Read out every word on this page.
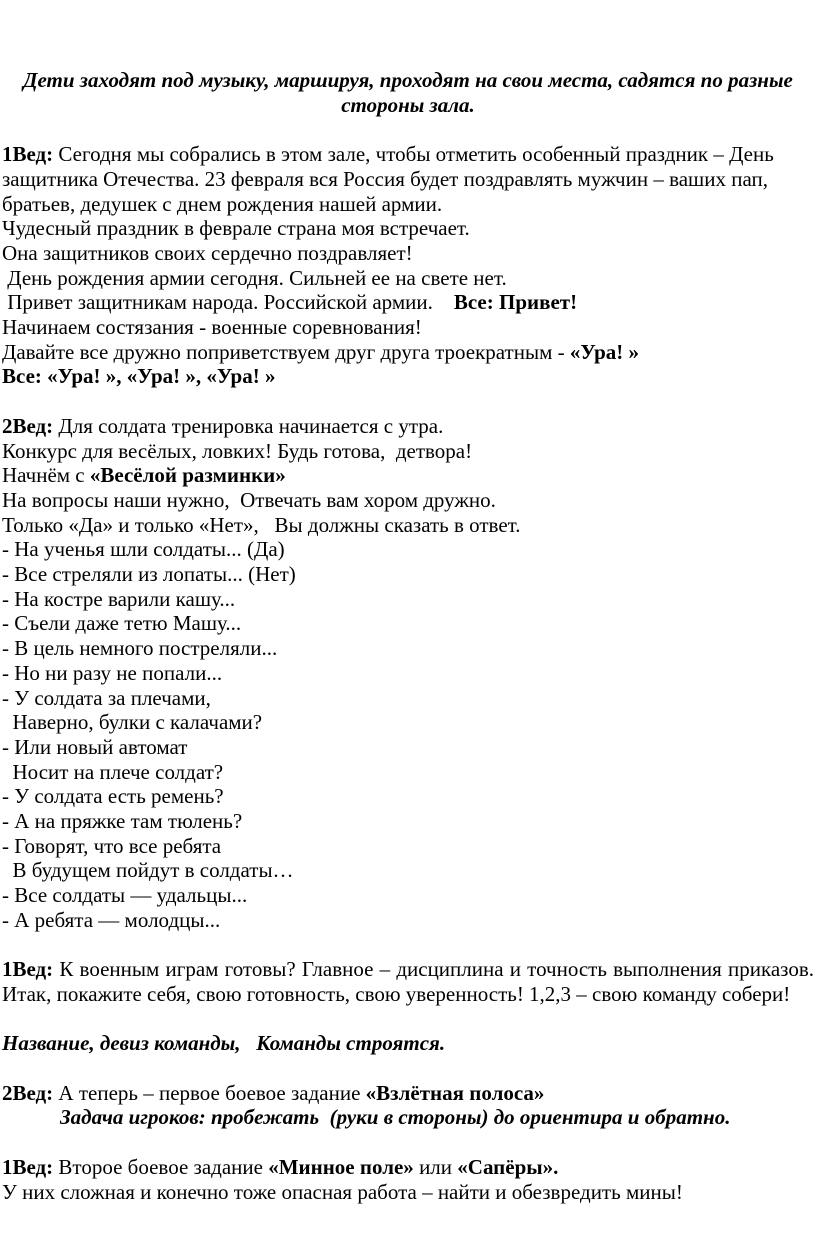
Дети заходят под музыку, маршируя, проходят на свои места, садятся по разные
стороны зала.

1Вед: Сегодня мы собрались в этом зале, чтобы отметить особенный праздник – День
защитника Отечества. 23 февраля вся Россия будет поздравлять мужчин – ваших пап,
братьев, дедушек с днем рождения нашей армии.
Чудесный праздник в феврале страна моя встречает.
Она защитников своих сердечно поздравляет!
День рождения армии сегодня. Сильней ее на свете нет.
Привет защитникам народа. Российской армии.    Все: Привет!
Начинаем состязания - военные соревнования!
Давайте все дружно поприветствуем друг друга троекратным - «Ура! »
Все: «Ура! », «Ура! », «Ура! »
2Вед: Для солдата тренировка начинается с утра.
Конкурс для весёлых, ловких! Будь готова,  детвора!
Начнём с «Весёлой разминки»
На вопросы наши нужно,  Отвечать вам хором дружно.
Только «Да» и только «Нет»,   Вы должны сказать в ответ.
- На ученья шли солдаты... (Да)
- Все стреляли из лопаты... (Нет)
- На костре варили кашу...
- Съели даже тетю Машу...
- В цель немного постреляли...
- Но ни разу не попали...
- У солдата за плечами,
Наверно, булки с калачами?
- Или новый автомат
Носит на плече солдат?
- У солдата есть ремень?
- А на пряжке там тюлень?
- Говорят, что все ребята
В будущем пойдут в солдаты…
- Все солдаты — удальцы...
- А ребята — молодцы...

1Вед: К военным играм готовы? Главное – дисциплина и точность выполнения приказов. Итак, покажите себя, свою готовность, свою уверенность! 1,2,3 – свою команду собери!

Название, девиз команды,   Команды строятся.
2Вед: А теперь – первое боевое задание «Взлётная полоса»
Задача игроков: пробежать  (руки в стороны) до ориентира и обратно.
1Вед: Второе боевое задание «Минное поле» или «Сапёры».
У них сложная и конечно тоже опасная работа – найти и обезвредить мины!
